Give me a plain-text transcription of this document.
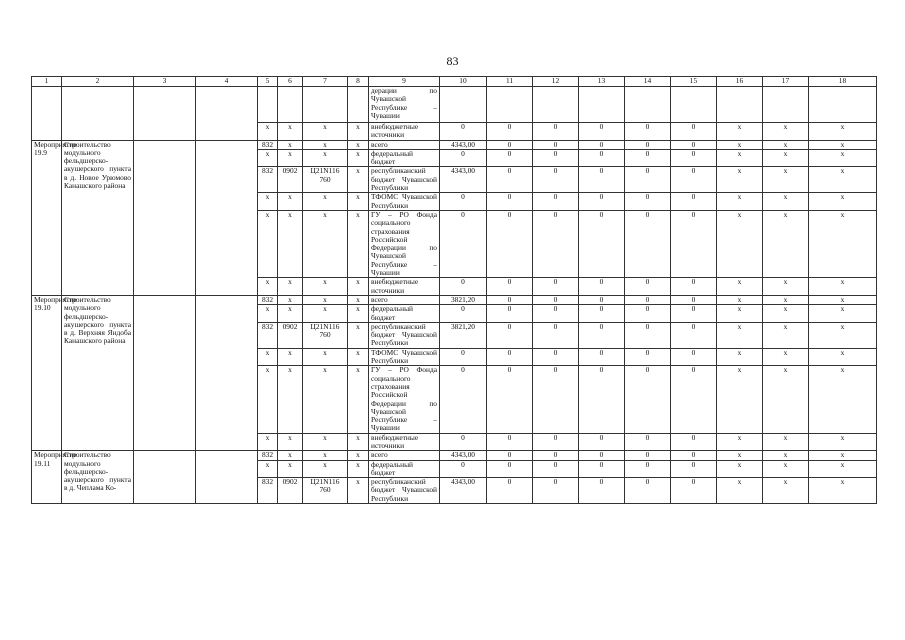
83
1	2	3	4	5	6	7	8	9	10	11	12	13	14	15	16	17	18
								дерации по Чувашской Республике – Чувашии									
				х	х	х	х	внебюджетные источники	0	0	0	0	0	0	х	х	х
Мероприятие 19.9	Строительство модульного фельдшерско-акушерского пункта в д. Новое Урюмово Канашского района			832	х	х	х	всего	4343,00	0	0	0	0	0	х	х	х
				х	х	х	х	федеральный бюджет	0	0	0	0	0	0	х	х	х
				832	0902	Ц21N116 760	х	республиканский бюджет Чувашской Республики	4343,00	0	0	0	0	0	х	х	х
				х	х	х	х	ТФОМС Чувашской Республики	0	0	0	0	0	0	х	х	х
				х	х	х	х	ГУ – РО Фонда социального страхования Российской Федерации по Чувашской Республике – Чувашии	0	0	0	0	0	0	х	х	х
				х	х	х	х	внебюджетные источники	0	0	0	0	0	0	х	х	х
Мероприятие 19.10	Строительство модульного фельдшерско-акушерского пункта в д. Верхняя Яндоба Канашского района			832	х	х	х	всего	3821,20	0	0	0	0	0	х	х	х
				х	х	х	х	федеральный бюджет	0	0	0	0	0	0	х	х	х
				832	0902	Ц21N116 760	х	республиканский бюджет Чувашской Республики	3821,20	0	0	0	0	0	х	х	х
				х	х	х	х	ТФОМС Чувашской Республики	0	0	0	0	0	0	х	х	х
				х	х	х	х	ГУ – РО Фонда социального страхования Российской Федерации по Чувашской Республике – Чувашии	0	0	0	0	0	0	х	х	х
				х	х	х	х	внебюджетные источники	0	0	0	0	0	0	х	х	х
Мероприятие 19.11	Строительство модульного фельдшерско-акушерского пункта в д. Чеплама Ко-			832	х	х	х	всего	4343,00	0	0	0	0	0	х	х	х
				х	х	х	х	федеральный бюджет	0	0	0	0	0	0	х	х	х
				832	0902	Ц21N116 760	х	республиканский бюджет Чувашской Республики	4343,00	0	0	0	0	0	х	х	х
